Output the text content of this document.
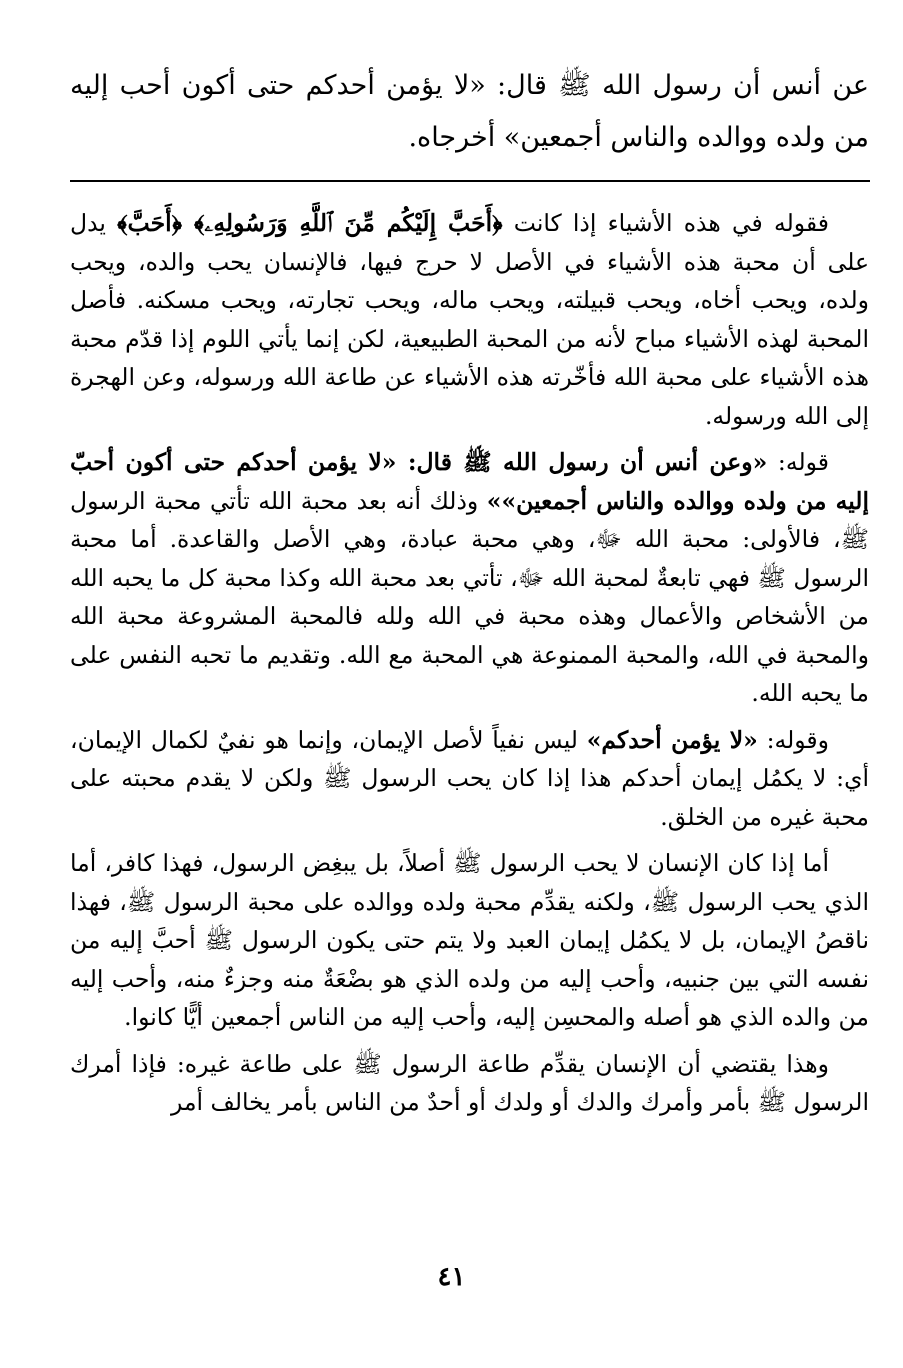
عن أنس أن رسول الله ﷺ قال: «لا يؤمن أحدكم حتى أكون أحب إليه من ولده ووالده والناس أجمعين» أخرجاه.

فقوله في هذه الأشياء إذا كانت ﴿أَحَبَّ إِلَيْكُم مِّنَ ٱللَّهِ وَرَسُولِهِۦ﴾ ﴿أَحَبَّ﴾ يدل على أن محبة هذه الأشياء في الأصل لا حرج فيها، فالإنسان يحب والده، ويحب ولده، ويحب أخاه، ويحب قبيلته، ويحب ماله، ويحب تجارته، ويحب مسكنه. فأصل المحبة لهذه الأشياء مباح لأنه من المحبة الطبيعية، لكن إنما يأتي اللوم إذا قدّم محبة هذه الأشياء على محبة الله فأخّرته هذه الأشياء عن طاعة الله ورسوله، وعن الهجرة إلى الله ورسوله.

قوله: «وعن أنس أن رسول الله ﷺ قال: «لا يؤمن أحدكم حتى أكون أحبّ إليه من ولده ووالده والناس أجمعين»» وذلك أنه بعد محبة الله تأتي محبة الرسول ﷺ، فالأولى: محبة الله ﷻ، وهي محبة عبادة، وهي الأصل والقاعدة. أما محبة الرسول ﷺ فهي تابعةٌ لمحبة الله ﷻ، تأتي بعد محبة الله وكذا محبة كل ما يحبه الله من الأشخاص والأعمال وهذه محبة في الله ولله فالمحبة المشروعة محبة الله والمحبة في الله، والمحبة الممنوعة هي المحبة مع الله. وتقديم ما تحبه النفس على ما يحبه الله.

وقوله: «لا يؤمن أحدكم» ليس نفياً لأصل الإيمان، وإنما هو نفيٌ لكمال الإيمان، أي: لا يكمُل إيمان أحدكم هذا إذا كان يحب الرسول ﷺ ولكن لا يقدم محبته على محبة غيره من الخلق.

أما إذا كان الإنسان لا يحب الرسول ﷺ أصلاً، بل يبغِض الرسول، فهذا كافر، أما الذي يحب الرسول ﷺ، ولكنه يقدِّم محبة ولده ووالده على محبة الرسول ﷺ، فهذا ناقصُ الإيمان، بل لا يكمُل إيمان العبد ولا يتم حتى يكون الرسول ﷺ أحبَّ إليه من نفسه التي بين جنبيه، وأحب إليه من ولده الذي هو بضْعَةٌ منه وجزءٌ منه، وأحب إليه من والده الذي هو أصله والمحسِن إليه، وأحب إليه من الناس أجمعين أيًّا كانوا.

وهذا يقتضي أن الإنسان يقدِّم طاعة الرسول ﷺ على طاعة غيره: فإذا أمرك الرسول ﷺ بأمر وأمرك والدك أو ولدك أو أحدٌ من الناس بأمر يخالف أمر

٤١
